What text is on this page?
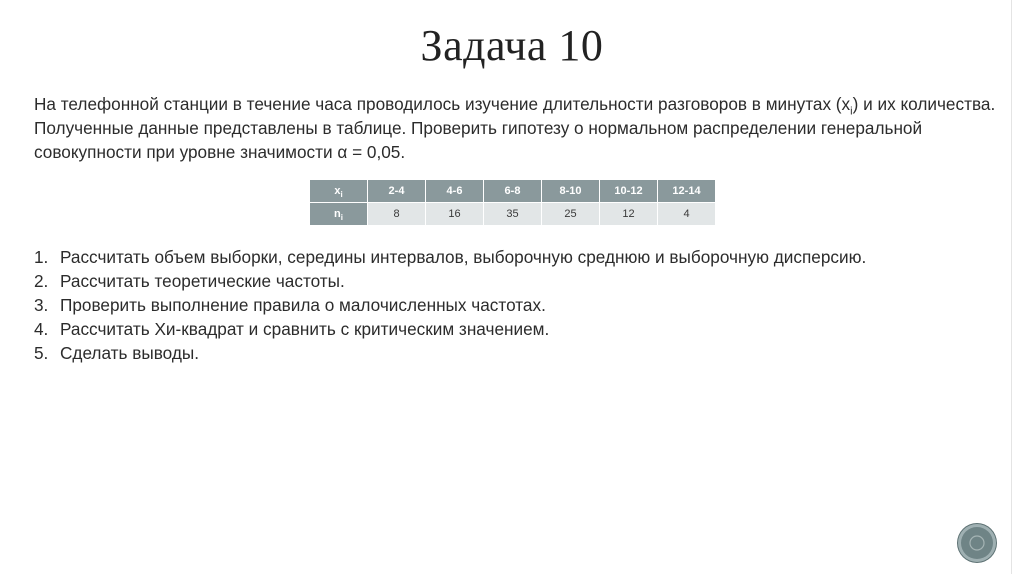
Задача 10
На телефонной станции в течение часа проводилось изучение длительности разговоров в минутах $(x_i)$ и их количества. Полученные данные представлены в таблице. Проверить гипотезу о нормальном распределении генеральной совокупности при уровне значимости α = 0,05.
$x_i$	2-4	4-6	6-8	8-10	10-12	12-14
$n_i$	8	16	35	25	12	4
1. Рассчитать объем выборки, середины интервалов, выборочную среднюю и выборочную дисперсию.
2. Рассчитать теоретические частоты.
3. Проверить выполнение правила о малочисленных частотах.
4. Рассчитать Хи-квадрат и сравнить с критическим значением.
5. Сделать выводы.
